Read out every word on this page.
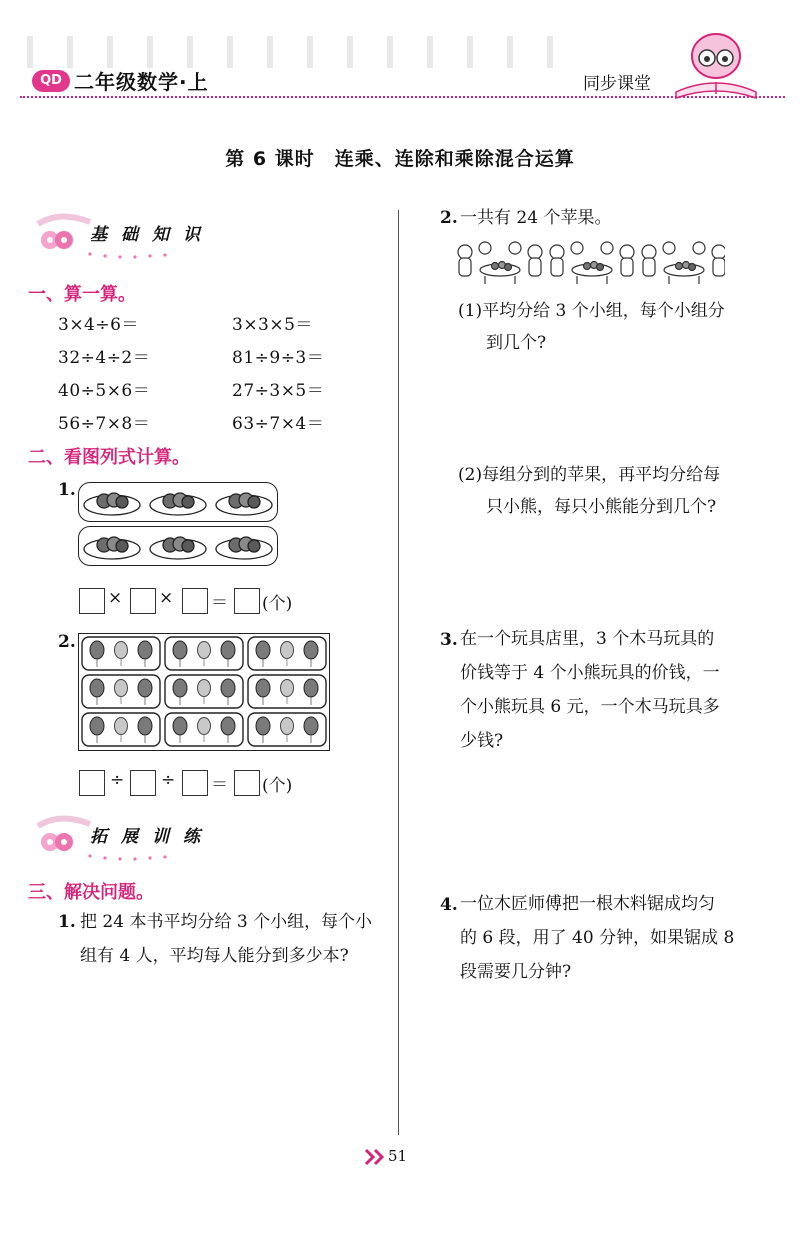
QD 二年级数学·上	同步课堂
第 6 课时　连乘、连除和乘除混合运算
基础知识
一、算一算。
3×4÷6＝	3×3×5＝
32÷4÷2＝	81÷9÷3＝
40÷5×6＝	27÷3×5＝
56÷7×8＝	63÷7×4＝
二、看图列式计算。
1.
× × ＝ (个)
2.
÷ ÷ ＝ (个)
拓展训练
三、解决问题。
1. 把 24 本书平均分给 3 个小组，每个小
组有 4 人，平均每人能分到多少本?
2. 一共有 24 个苹果。
(1)平均分给 3 个小组，每个小组分
到几个?
(2)每组分到的苹果，再平均分给每
只小熊，每只小熊能分到几个?
3. 在一个玩具店里，3 个木马玩具的
价钱等于 4 个小熊玩具的价钱，一
个小熊玩具 6 元，一个木马玩具多
少钱?
4. 一位木匠师傅把一根木料锯成均匀
的 6 段，用了 40 分钟，如果锯成 8
段需要几分钟?
51
